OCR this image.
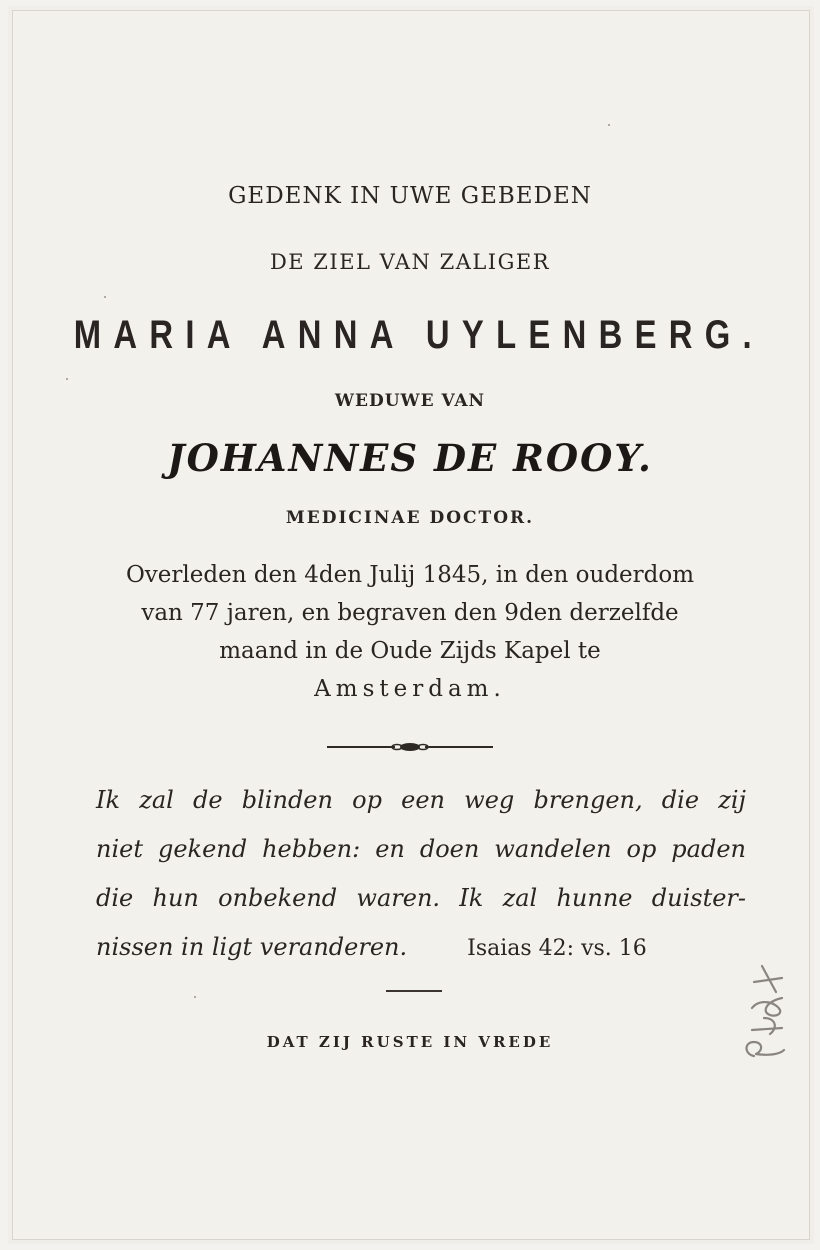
GEDENK IN UWE GEBEDEN
DE ZIEL VAN ZALIGER
MARIA ANNA UYLENBERG.
WEDUWE VAN
JOHANNES DE ROOY.
MEDICINAE DOCTOR.
Overleden den 4den Julij 1845, in den ouderdom
van 77 jaren, en begraven den 9den derzelfde
maand in de Oude Zijds Kapel te
Amsterdam.
Ik zal de blinden op een weg brengen, die zij
niet gekend hebben: en doen wandelen op paden
die hun onbekend waren. Ik zal hunne duister-
nissen in ligt veranderen.	Isaias 42: vs. 16
DAT ZIJ RUSTE IN VREDE
